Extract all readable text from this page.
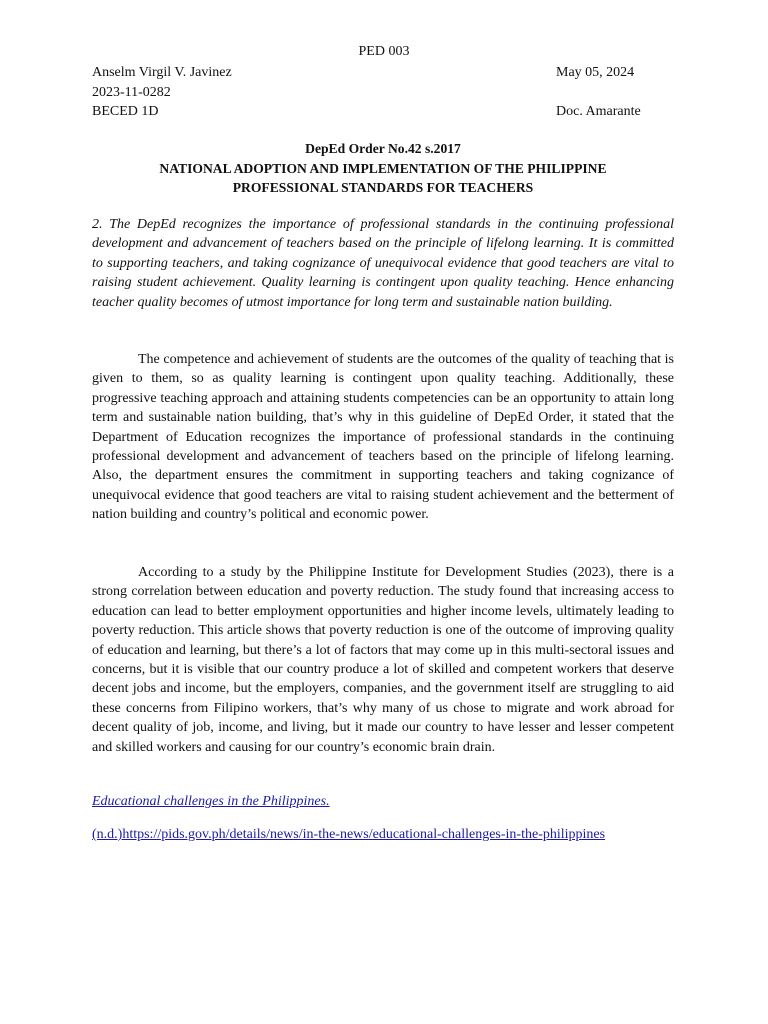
PED 003
Anselm Virgil V. Javinez
2023-11-0282
BECED 1D
May 05, 2024
Doc. Amarante
DepEd Order No.42 s.2017
NATIONAL ADOPTION AND IMPLEMENTATION OF THE PHILIPPINE
PROFESSIONAL STANDARDS FOR TEACHERS

2. The DepEd recognizes the importance of professional standards in the continuing professional development and advancement of teachers based on the principle of lifelong learning. It is committed to supporting teachers, and taking cognizance of unequivocal evidence that good teachers are vital to raising student achievement. Quality learning is contingent upon quality teaching. Hence enhancing teacher quality becomes of utmost importance for long term and sustainable nation building.

The competence and achievement of students are the outcomes of the quality of teaching that is given to them, so as quality learning is contingent upon quality teaching. Additionally, these progressive teaching approach and attaining students competencies can be an opportunity to attain long term and sustainable nation building, that’s why in this guideline of DepEd Order, it stated that the Department of Education recognizes the importance of professional standards in the continuing professional development and advancement of teachers based on the principle of lifelong learning. Also, the department ensures the commitment in supporting teachers and taking cognizance of unequivocal evidence that good teachers are vital to raising student achievement and the betterment of nation building and country’s political and economic power.

According to a study by the Philippine Institute for Development Studies (2023), there is a strong correlation between education and poverty reduction. The study found that increasing access to education can lead to better employment opportunities and higher income levels, ultimately leading to poverty reduction. This article shows that poverty reduction is one of the outcome of improving quality of education and learning, but there’s a lot of factors that may come up in this multi-sectoral issues and concerns, but it is visible that our country produce a lot of skilled and competent workers that deserve decent jobs and income, but the employers, companies, and the government itself are struggling to aid these concerns from Filipino workers, that’s why many of us chose to migrate and work abroad for decent quality of job, income, and living, but it made our country to have lesser and lesser competent and skilled workers and causing for our country’s economic brain drain.

Educational challenges in the Philippines.
(n.d.)https://pids.gov.ph/details/news/in-the-news/educational-challenges-in-the-philippines
